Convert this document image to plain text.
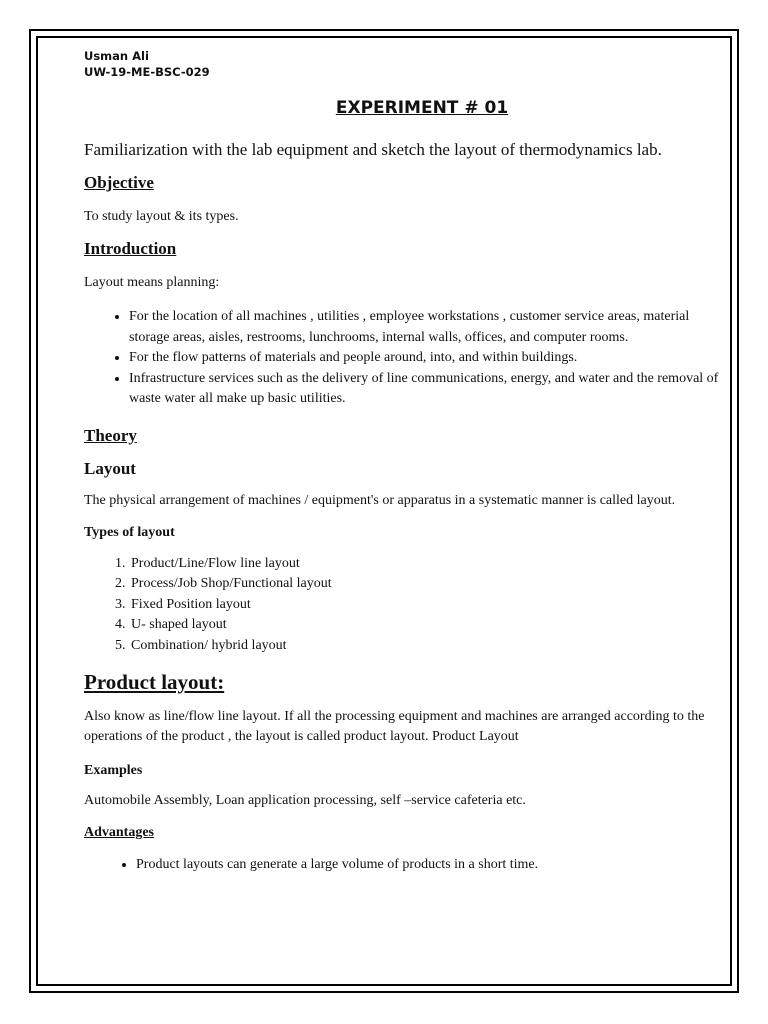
Usman Ali
UW-19-ME-BSC-029
EXPERIMENT # 01

Familiarization with the lab equipment and sketch the layout of thermodynamics lab.

Objective

To study layout & its types.

Introduction

Layout means planning:

• For the location of all machines , utilities , employee workstations , customer service areas, material storage areas, aisles, restrooms, lunchrooms, internal walls, offices, and computer rooms.
• For the flow patterns of materials and people around, into, and within buildings.
• Infrastructure services such as the delivery of line communications, energy, and water and the removal of waste water all make up basic utilities.
Theory
Layout

The physical arrangement of machines / equipment's or apparatus in a systematic manner is called layout.

Types of layout
1. Product/Line/Flow line layout
2. Process/Job Shop/Functional layout
3. Fixed Position layout
4. U- shaped layout
5. Combination/ hybrid layout
Product layout:

Also know as line/flow line layout. If all the processing equipment and machines are arranged according to the operations of the product , the layout is called product layout. Product Layout

Examples

Automobile Assembly, Loan application processing, self –service cafeteria etc.

Advantages
• Product layouts can generate a large volume of products in a short time.
